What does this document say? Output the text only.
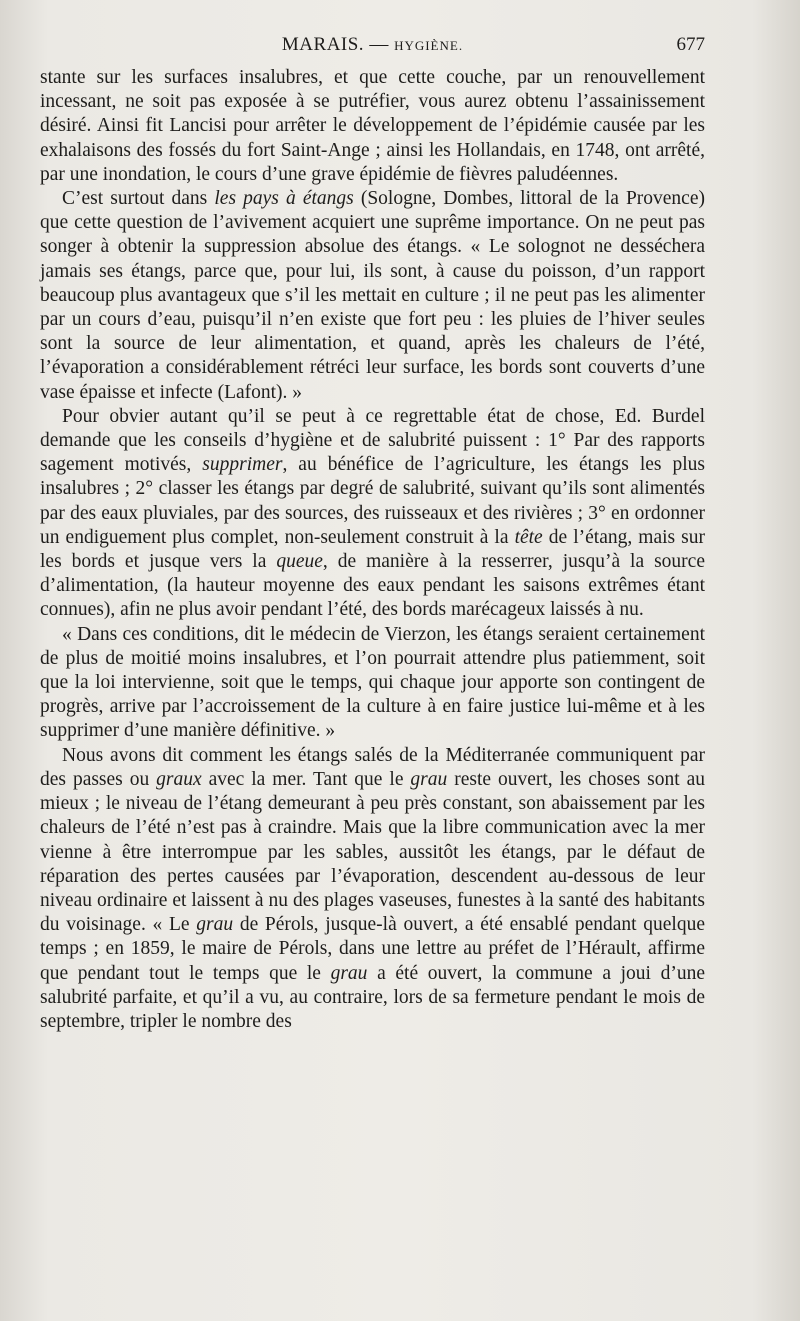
MARAIS. — HYGIÈNE.	677

stante sur les surfaces insalubres, et que cette couche, par un renouvellement incessant, ne soit pas exposée à se putréfier, vous aurez obtenu l’assainissement désiré. Ainsi fit Lancisi pour arrêter le développement de l’épidémie causée par les exhalaisons des fossés du fort Saint-Ange ; ainsi les Hollandais, en 1748, ont arrêté, par une inondation, le cours d’une grave épidémie de fièvres paludéennes.

C’est surtout dans les pays à étangs (Sologne, Dombes, littoral de la Provence) que cette question de l’avivement acquiert une suprême importance. On ne peut pas songer à obtenir la suppression absolue des étangs. « Le solognot ne desséchera jamais ses étangs, parce que, pour lui, ils sont, à cause du poisson, d’un rapport beaucoup plus avantageux que s’il les mettait en culture ; il ne peut pas les alimenter par un cours d’eau, puisqu’il n’en existe que fort peu : les pluies de l’hiver seules sont la source de leur alimentation, et quand, après les chaleurs de l’été, l’évaporation a considérablement rétréci leur surface, les bords sont couverts d’une vase épaisse et infecte (Lafont). »

Pour obvier autant qu’il se peut à ce regrettable état de chose, Ed. Burdel demande que les conseils d’hygiène et de salubrité puissent : 1° Par des rapports sagement motivés, supprimer, au bénéfice de l’agriculture, les étangs les plus insalubres ; 2° classer les étangs par degré de salubrité, suivant qu’ils sont alimentés par des eaux pluviales, par des sources, des ruisseaux et des rivières ; 3° en ordonner un endiguement plus complet, non-seulement construit à la tête de l’étang, mais sur les bords et jusque vers la queue, de manière à la resserrer, jusqu’à la source d’alimentation, (la hauteur moyenne des eaux pendant les saisons extrêmes étant connues), afin ne plus avoir pendant l’été, des bords marécageux laissés à nu.

« Dans ces conditions, dit le médecin de Vierzon, les étangs seraient certainement de plus de moitié moins insalubres, et l’on pourrait attendre plus patiemment, soit que la loi intervienne, soit que le temps, qui chaque jour apporte son contingent de progrès, arrive par l’accroissement de la culture à en faire justice lui-même et à les supprimer d’une manière définitive. »

Nous avons dit comment les étangs salés de la Méditerranée communiquent par des passes ou graux avec la mer. Tant que le grau reste ouvert, les choses sont au mieux ; le niveau de l’étang demeurant à peu près constant, son abaissement par les chaleurs de l’été n’est pas à craindre. Mais que la libre communication avec la mer vienne à être interrompue par les sables, aussitôt les étangs, par le défaut de réparation des pertes causées par l’évaporation, descendent au-dessous de leur niveau ordinaire et laissent à nu des plages vaseuses, funestes à la santé des habitants du voisinage. « Le grau de Pérols, jusque-là ouvert, a été ensablé pendant quelque temps ; en 1859, le maire de Pérols, dans une lettre au préfet de l’Hérault, affirme que pendant tout le temps que le grau a été ouvert, la commune a joui d’une salubrité parfaite, et qu’il a vu, au contraire, lors de sa fermeture pendant le mois de septembre, tripler le nombre des
